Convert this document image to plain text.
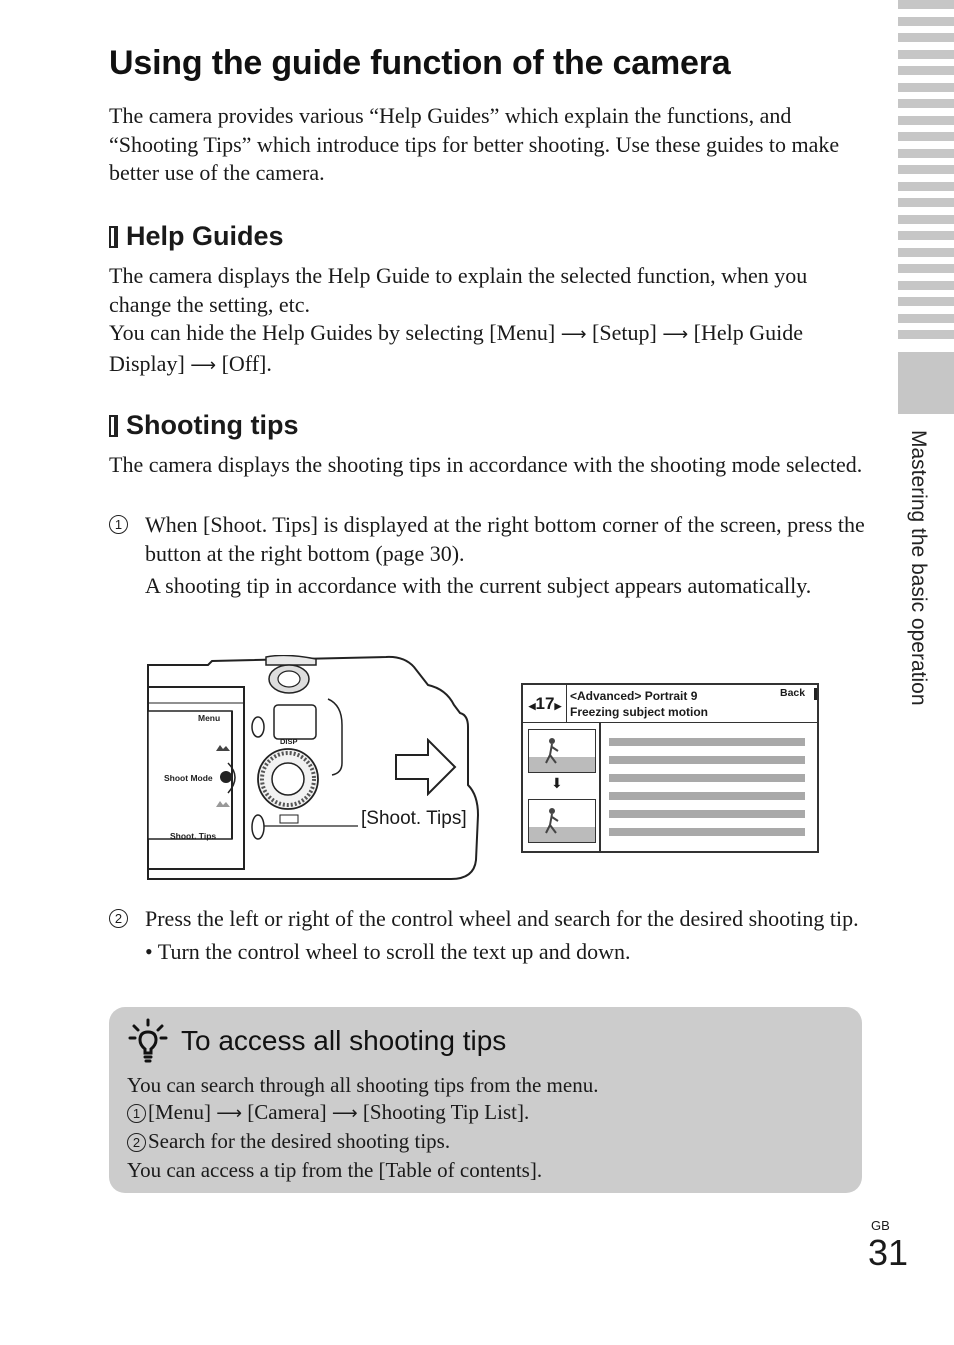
Mastering the basic operation
Using the guide function of the camera

The camera provides various “Help Guides” which explain the functions, and “Shooting Tips” which introduce tips for better shooting. Use these guides to make better use of the camera.

Help Guides

The camera displays the Help Guide to explain the selected function, when you change the setting, etc.
You can hide the Help Guides by selecting [Menu] ⟶ [Setup] ⟶ [Help Guide Display] ⟶ [Off].

Shooting tips

The camera displays the shooting tips in accordance with the shooting mode selected.

1 When [Shoot. Tips] is displayed at the right bottom corner of the screen, press the button at the right bottom (page 30).
A shooting tip in accordance with the current subject appears automatically.
Menu
Shoot Mode
Shoot. Tips
DISP
[Shoot. Tips]
◀17▶
<Advanced> Portrait 9
Freezing subject motion
Back
⬇
2 Press the left or right of the control wheel and search for the desired shooting tip.
• Turn the control wheel to scroll the text up and down.
To access all shooting tips
You can search through all shooting tips from the menu.
1 [Menu] ⟶ [Camera] ⟶ [Shooting Tip List].
2 Search for the desired shooting tips.
You can access a tip from the [Table of contents].
GB
31
